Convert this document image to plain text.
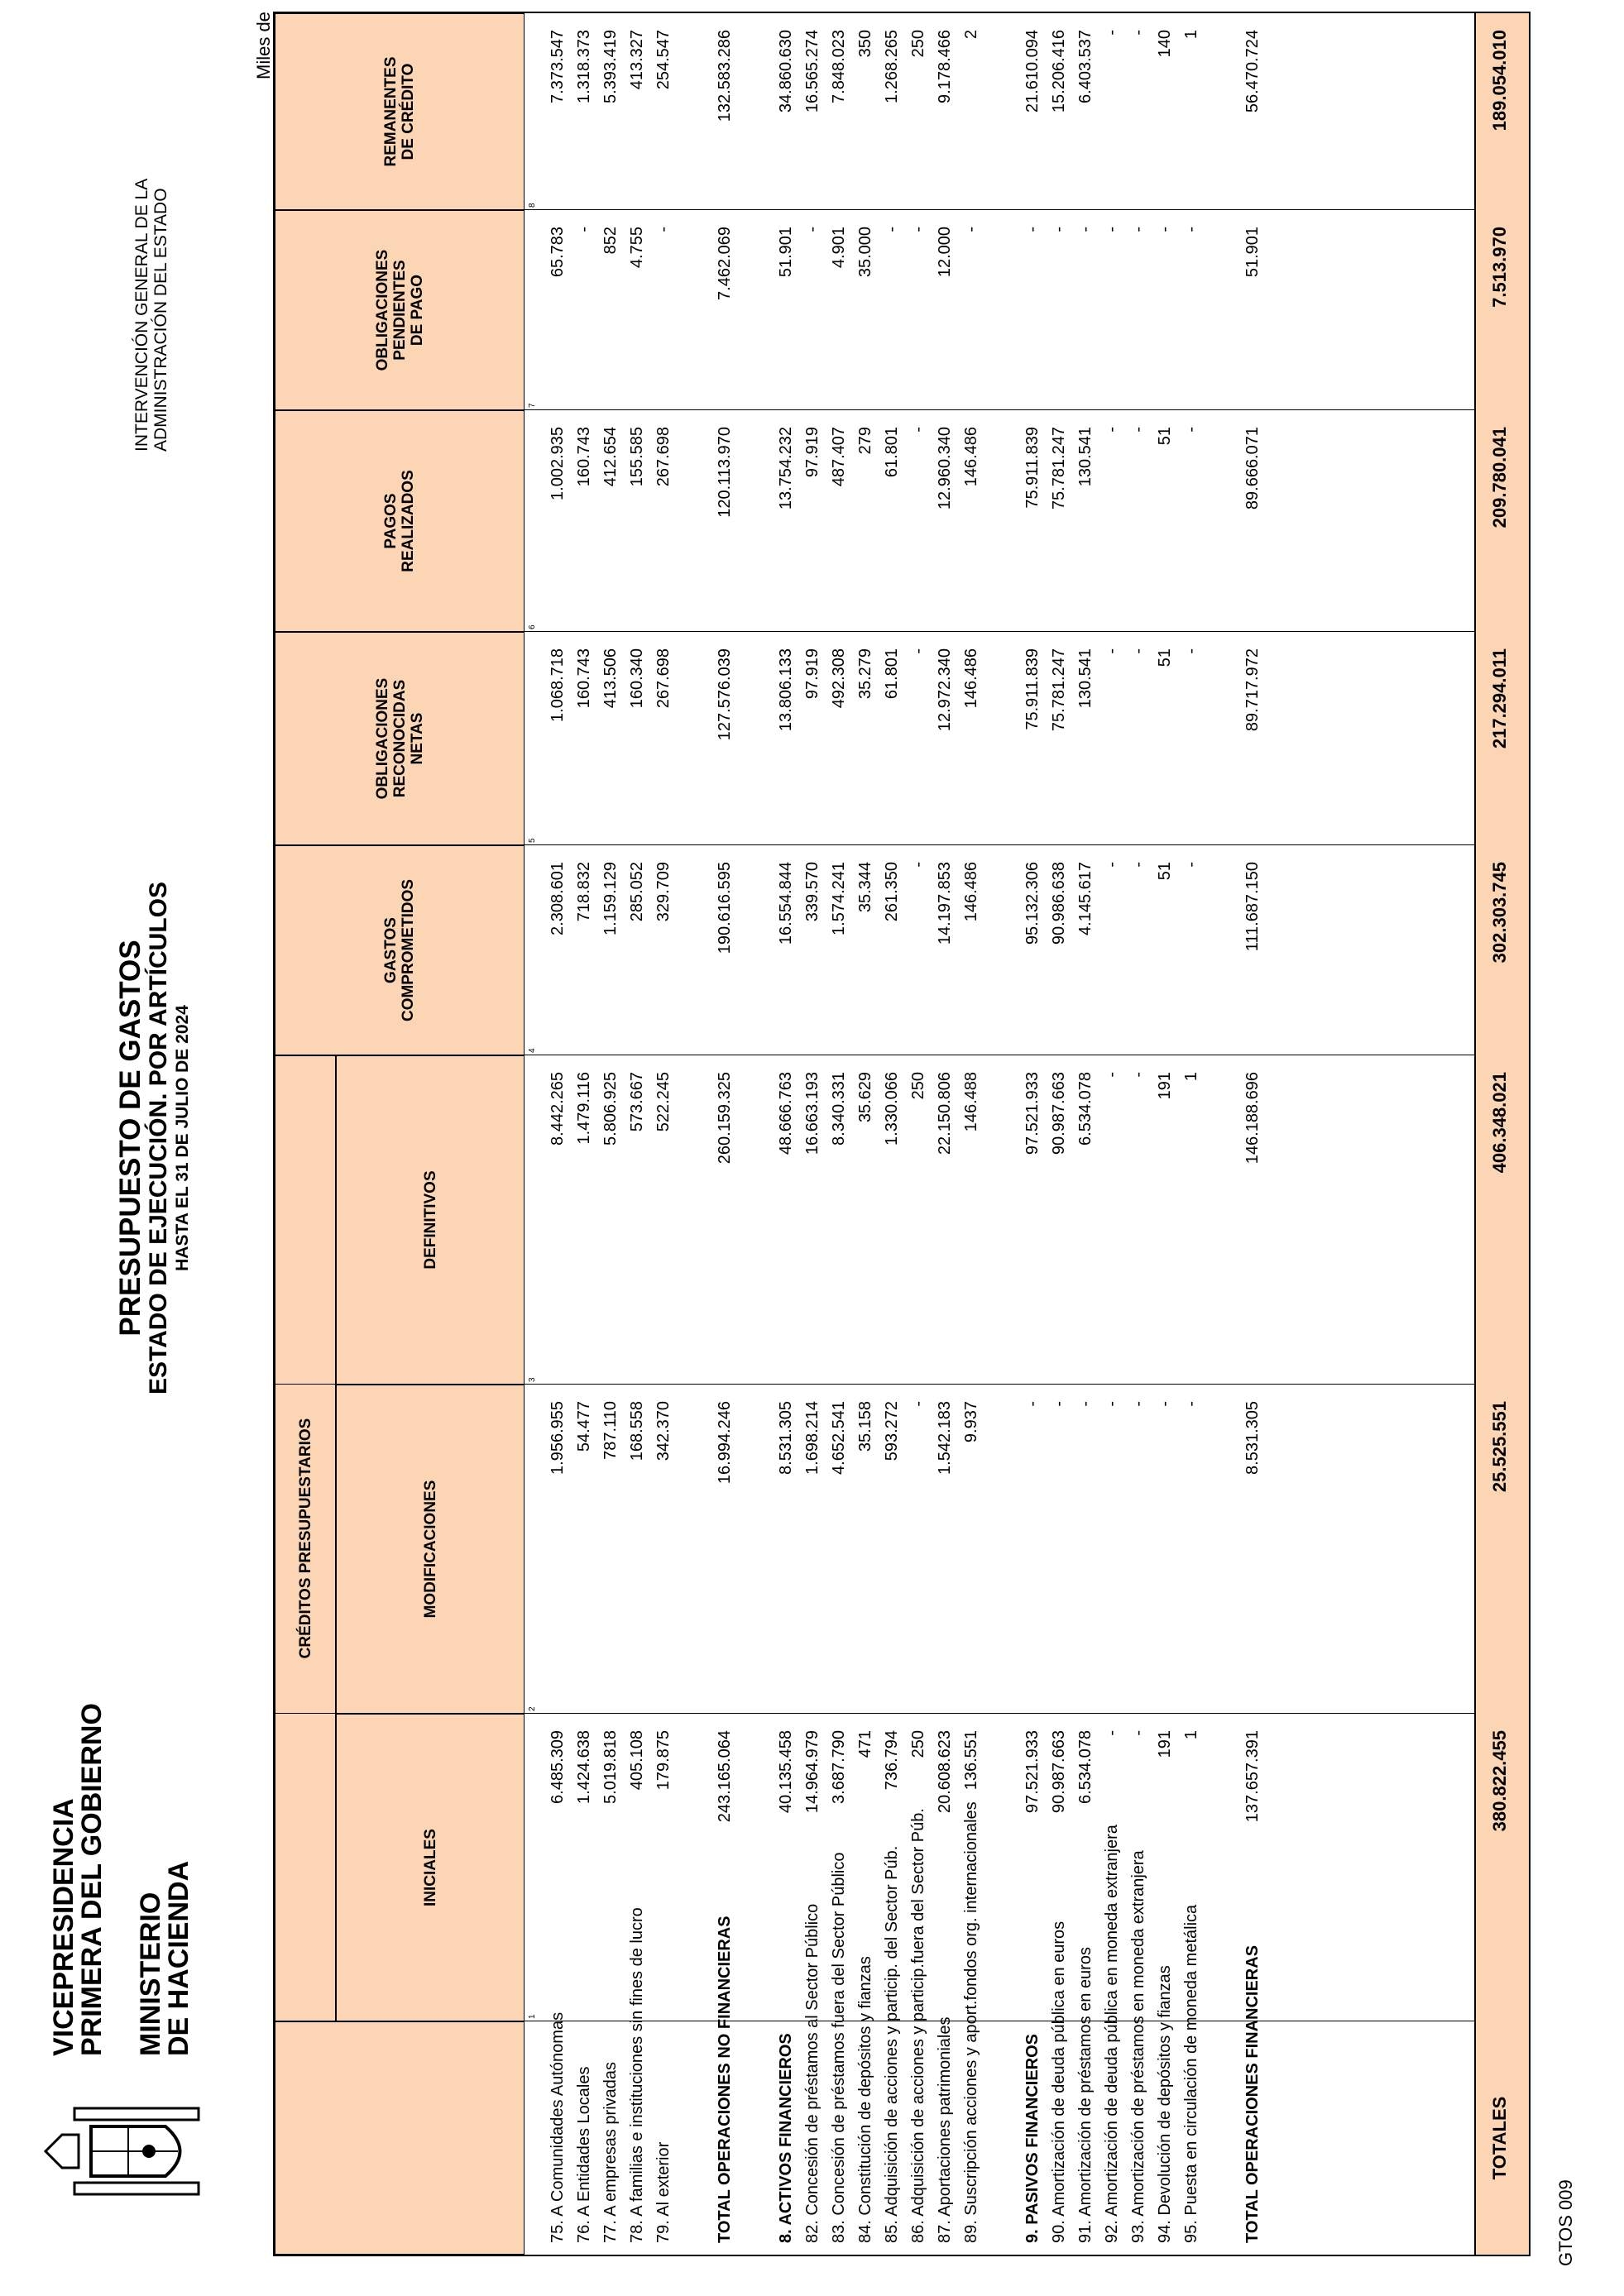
VICEPRESIDENCIA
PRIMERA DEL GOBIERNO MINISTERIO
DE HACIENDA
PRESUPUESTO DE GASTOS
ESTADO DE EJECUCIÓN. POR ARTÍCULOS HASTA EL 31 DE JULIO DE 2024
INTERVENCIÓN GENERAL DE LA ADMINISTRACIÓN DEL ESTADO
Miles de
GTOS 009
CRÉDITOS PRESUPUESTARIOS
INICIALES
MODIFICACIONES
DEFINITIVOS
GASTOS COMPROMETIDOS
OBLIGACIONES RECONOCIDAS NETAS
PAGOS REALIZADOS
OBLIGACIONES PENDIENTES DE PAGO
REMANENTES DE CRÉDITO
1
2
3
4
5
6
7
8
TOTALES
380.822.455
25.525.551
406.348.021
302.303.745
217.294.011
209.780.041
7.513.970
189.054.010
75. A Comunidades Autónomas
6.485.309
1.956.955
8.442.265
2.308.601
1.068.718
1.002.935
65.783
7.373.547
76. A Entidades Locales
1.424.638
54.477
1.479.116
718.832
160.743
160.743
-
1.318.373
77. A empresas privadas
5.019.818
787.110
5.806.925
1.159.129
413.506
412.654
852
5.393.419
78. A familias e instituciones sin fines de lucro
405.108
168.558
573.667
285.052
160.340
155.585
4.755
413.327
79. Al exterior
179.875
342.370
522.245
329.709
267.698
267.698
-
254.547
TOTAL OPERACIONES NO FINANCIERAS
243.165.064
16.994.246
260.159.325
190.616.595
127.576.039
120.113.970
7.462.069
132.583.286
8. ACTIVOS FINANCIEROS
40.135.458
8.531.305
48.666.763
16.554.844
13.806.133
13.754.232
51.901
34.860.630
82. Concesión de préstamos al Sector Público
14.964.979
1.698.214
16.663.193
339.570
97.919
97.919
-
16.565.274
83. Concesión de préstamos fuera del Sector Público
3.687.790
4.652.541
8.340.331
1.574.241
492.308
487.407
4.901
7.848.023
84. Constitución de depósitos y fianzas
471
35.158
35.629
35.344
35.279
279
35.000
350
85. Adquisición de acciones y particip. del Sector Púb.
736.794
593.272
1.330.066
261.350
61.801
61.801
-
1.268.265
86. Adquisición de acciones y particip.fuera del Sector Púb.
250
-
250
-
-
-
-
250
87. Aportaciones patrimoniales
20.608.623
1.542.183
22.150.806
14.197.853
12.972.340
12.960.340
12.000
9.178.466
89. Suscripción acciones y aport.fondos org. internacionales
136.551
9.937
146.488
146.486
146.486
146.486
-
2
9. PASIVOS FINANCIEROS
97.521.933
-
97.521.933
95.132.306
75.911.839
75.911.839
-
21.610.094
90. Amortización de deuda pública en euros
90.987.663
-
90.987.663
90.986.638
75.781.247
75.781.247
-
15.206.416
91. Amortización de préstamos en euros
6.534.078
-
6.534.078
4.145.617
130.541
130.541
-
6.403.537
92. Amortización de deuda pública en moneda extranjera
-
-
-
-
-
-
-
-
93. Amortización de préstamos en moneda extranjera
-
-
-
-
-
-
-
-
94. Devolución de depósitos y fianzas
191
-
191
51
51
51
-
140
95. Puesta en circulación de moneda metálica
1
-
1
-
-
-
-
1
TOTAL OPERACIONES FINANCIERAS
137.657.391
8.531.305
146.188.696
111.687.150
89.717.972
89.666.071
51.901
56.470.724
